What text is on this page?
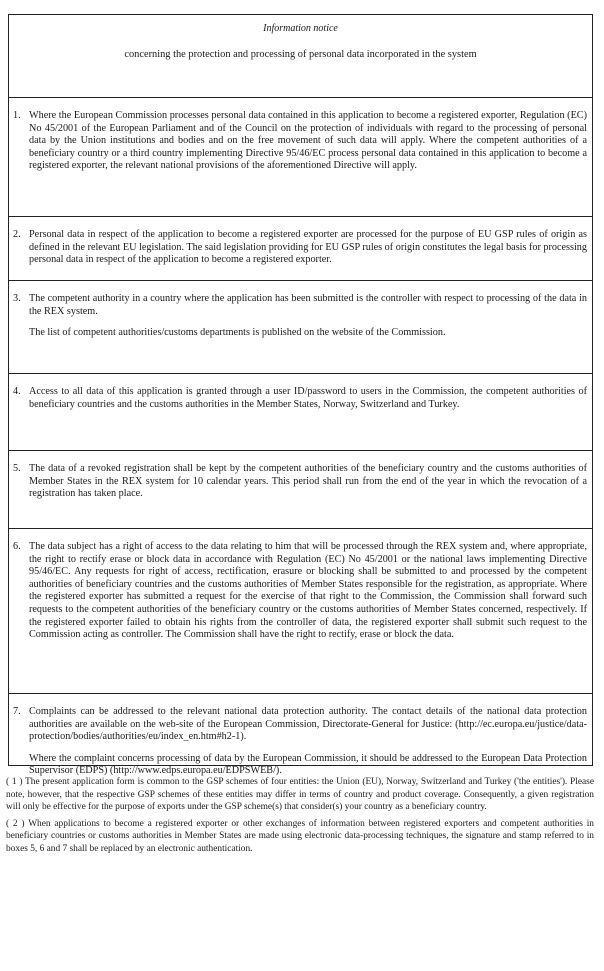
Information notice
concerning the protection and processing of personal data incorporated in the system
1. Where the European Commission processes personal data contained in this application to become a registered exporter, Regulation (EC) No 45/2001 of the European Parliament and of the Council on the protection of individuals with regard to the processing of personal data by the Union institutions and bodies and on the free movement of such data will apply. Where the competent authorities of a beneficiary country or a third country implementing Directive 95/46/EC process personal data contained in this application to become a registered exporter, the relevant national provisions of the aforementioned Directive will apply.

2. Personal data in respect of the application to become a registered exporter are processed for the purpose of EU GSP rules of origin as defined in the relevant EU legislation. The said legislation providing for EU GSP rules of origin constitutes the legal basis for processing personal data in respect of the application to become a registered exporter.

3. The competent authority in a country where the application has been submitted is the controller with respect to processing of the data in the REX system.

The list of competent authorities/customs departments is published on the website of the Commission.

4. Access to all data of this application is granted through a user ID/password to users in the Commission, the competent authorities of beneficiary countries and the customs authorities in the Member States, Norway, Switzerland and Turkey.

5. The data of a revoked registration shall be kept by the competent authorities of the beneficiary country and the customs authorities of Member States in the REX system for 10 calendar years. This period shall run from the end of the year in which the revocation of a registration has taken place.

6. The data subject has a right of access to the data relating to him that will be processed through the REX system and, where appropriate, the right to rectify erase or block data in accordance with Regulation (EC) No 45/2001 or the national laws implementing Directive 95/46/EC. Any requests for right of access, rectification, erasure or blocking shall be submitted to and processed by the competent authorities of beneficiary countries and the customs authorities of Member States responsible for the registration, as appropriate. Where the registered exporter has submitted a request for the exercise of that right to the Commission, the Commission shall forward such requests to the competent authorities of the beneficiary country or the customs authorities of Member States concerned, respectively. If the registered exporter failed to obtain his rights from the controller of data, the registered exporter shall submit such request to the Commission acting as controller. The Commission shall have the right to rectify, erase or block the data.

7. Complaints can be addressed to the relevant national data protection authority. The contact details of the national data protection authorities are available on the web-site of the European Commission, Directorate-General for Justice: (http://ec.europa.eu/justice/data-protection/bodies/authorities/eu/index_en.htm#h2-1).

Where the complaint concerns processing of data by the European Commission, it should be addressed to the European Data Protection Supervisor (EDPS) (http://www.edps.europa.eu/EDPSWEB/).

( 1 ) The present application form is common to the GSP schemes of four entities: the Union (EU), Norway, Switzerland and Turkey ('the entities'). Please note, however, that the respective GSP schemes of these entities may differ in terms of country and product coverage. Consequently, a given registration will only be effective for the purpose of exports under the GSP scheme(s) that consider(s) your country as a beneficiary country.

( 2 ) When applications to become a registered exporter or other exchanges of information between registered exporters and competent authorities in beneficiary countries or customs authorities in Member States are made using electronic data-processing techniques, the signature and stamp referred to in boxes 5, 6 and 7 shall be replaced by an electronic authentication.
